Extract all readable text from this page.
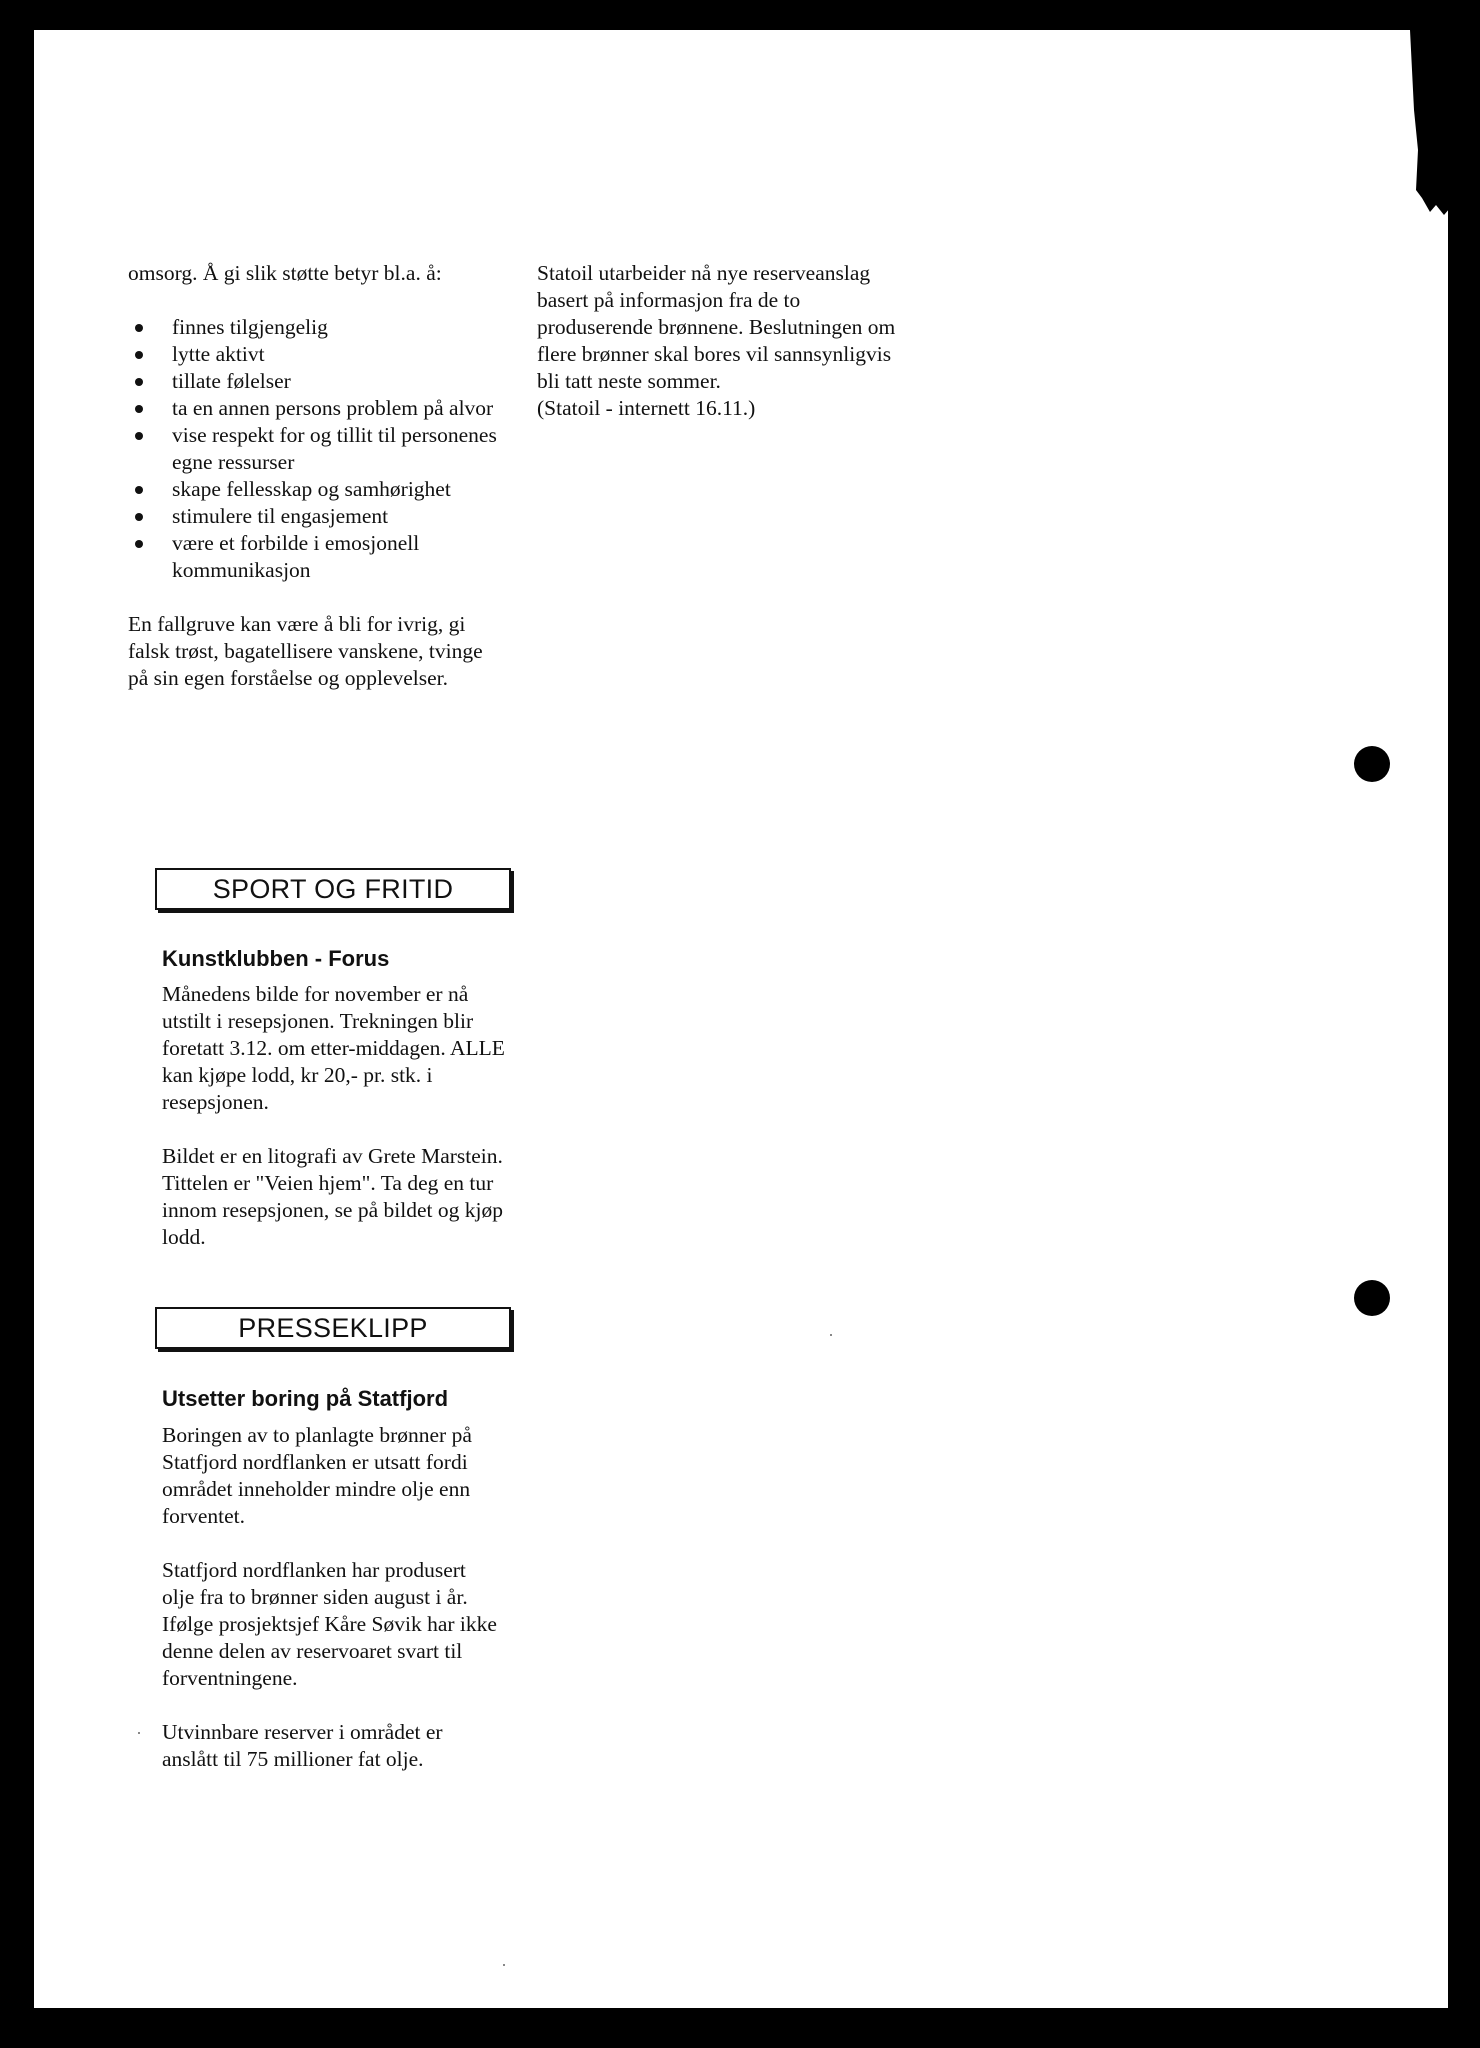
omsorg. Å gi slik støtte betyr bl.a. å:

finnes tilgjengelig
lytte aktivt
tillate følelser
ta en annen persons problem på alvor
vise respekt for og tillit til personenes egne ressurser
skape fellesskap og samhørighet
stimulere til engasjement
være et forbilde i emosjonell kommunikasjon

En fallgruve kan være å bli for ivrig, gi falsk trøst, bagatellisere vanskene, tvinge på sin egen forståelse og opplevelser.

SPORT OG FRITID
Kunstklubben - Forus

Månedens bilde for november er nå utstilt i resepsjonen. Trekningen blir foretatt 3.12. om etter-middagen. ALLE kan kjøpe lodd, kr 20,- pr. stk. i resepsjonen.

Bildet er en litografi av Grete Marstein. Tittelen er "Veien hjem". Ta deg en tur innom resepsjonen, se på bildet og kjøp lodd.

PRESSEKLIPP
Utsetter boring på Statfjord

Boringen av to planlagte brønner på Statfjord nordflanken er utsatt fordi området inneholder mindre olje enn forventet.

Statfjord nordflanken har produsert olje fra to brønner siden august i år. Ifølge prosjektsjef Kåre Søvik har ikke denne delen av reservoaret svart til forventningene.

Utvinnbare reserver i området er anslått til 75 millioner fat olje.

Statoil utarbeider nå nye reserveanslag basert på informasjon fra de to produserende brønnene. Beslutningen om flere brønner skal bores vil sannsynligvis bli tatt neste sommer.

(Statoil - internett 16.11.)
